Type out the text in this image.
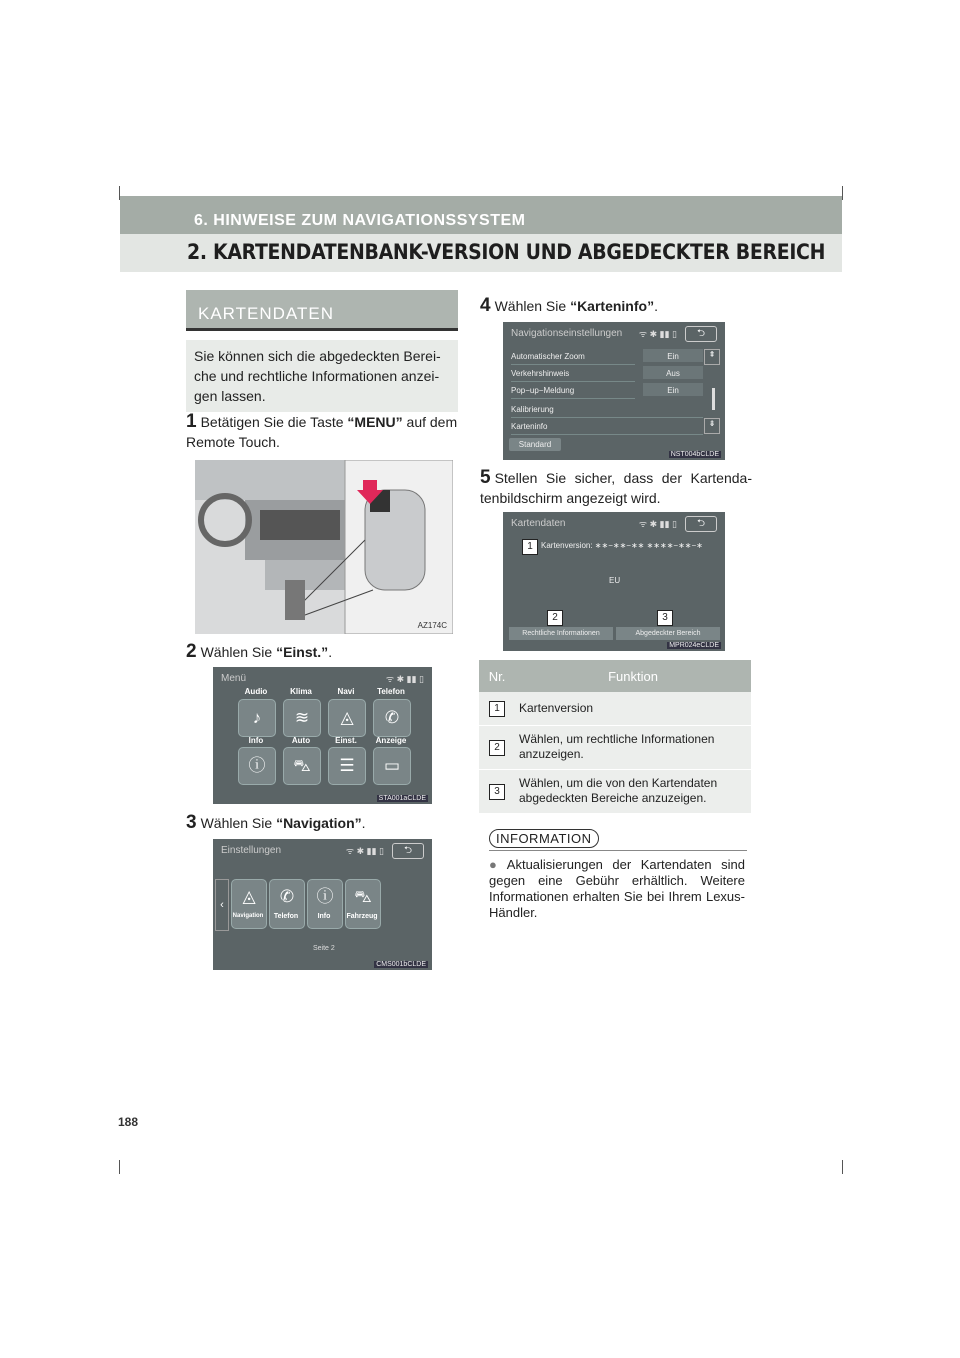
6. HINWEISE ZUM NAVIGATIONSSYSTEM
2. KARTENDATENBANK-VERSION UND ABGEDECKTER BEREICH
KARTENDATEN
Sie können sich die abgedeckten Berei-che und rechtliche Informationen anzei-gen lassen.
1 Betätigen Sie die Taste “MENU” auf dem Remote Touch.
AZ174C
2 Wählen Sie “Einst.”.
Menü	ᯤ ✱ ▮▮ ▯
Audio	Klima	Navi	Telefon
♪	≋	◬	✆
Info	Auto	Einst.	Anzeige
ⓘ	⛍	☰	▭
STA001aCLDE
3 Wählen Sie “Navigation”.
Einstellungen	ᯤ ✱ ▮▮ ▯	⮌
‹	◬	✆	ⓘ	⛍
Navigation	Telefon	Info	Fahrzeug
Seite 2
CMS001bCLDE
4 Wählen Sie “Karteninfo”.
Navigationseinstellungen ᯤ ✱ ▮▮ ▯	⮌
Automatischer Zoom	Ein
Verkehrshinweis	Aus
Pop−up−Meldung	Ein
Kalibrierung
Karteninfo
Standard
⇞
⇟
NST004bCLDE
5 Stellen Sie sicher, dass der Kartenda-tenbildschirm angezeigt wird.
Kartendaten	ᯤ ✱ ▮▮ ▯	⮌
1	Kartenversion: ∗∗−∗∗−∗∗ ∗∗∗∗−∗∗−∗
EU
2	3
Rechtliche Informationen	Abgedeckter Bereich
MPR024eCLDE
Nr.	Funktion
1	Kartenversion
2	Wählen, um rechtliche Informationen anzuzeigen.
3	Wählen, um die von den Kartendaten abgedeckten Bereiche anzuzeigen.
INFORMATION
● Aktualisierungen der Kartendaten sind gegen eine Gebühr erhältlich. Weitere Informationen erhalten Sie bei Ihrem Lexus-Händler.
188
